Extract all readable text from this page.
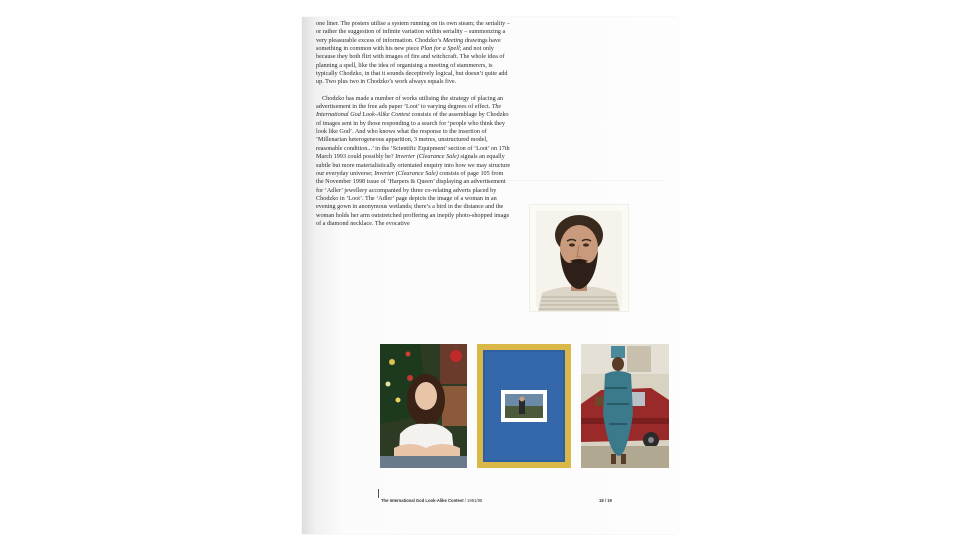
one liner. The posters utilise a system running on its own steam; the seriality – or rather the suggestion of infinite variation within seriality – summonzing a very pleasurable excess of information. Chodzko’s Meeting drawings have something in common with his new piece Plan for a Spell; and not only because they both flirt with images of fire and witchcraft. The whole idea of planning a spell, like the idea of organising a meeting of stammerers, is typically Chodzko, in that it sounds deceptively logical, but doesn’t quite add up. Two plus two in Chodzko’s work always equals five.

Chodzko has made a number of works utilising the strategy of placing an advertisement in the free ads paper ‘Loot’ to varying degrees of effect. The International God Look-Alike Contest consists of the assemblage by Chodzko of images sent in by those responding to a search for ‘people who think they look like God’. And who knows what the response to the insertion of ‘Millenarian heterogeneous apparition, 3 metres, unstructured model, reasonable condition...’ in the ‘Scientific Equipment’ section of ‘Loot’ on 17th March 1993 could possibly be? Inverter (Clearance Sale) signals an equally subtle but more materialistically orientated enquiry into how we may structure our everyday universe; Inverter (Clearance Sale) consists of page 105 from the November 1998 issue of ‘Harpers & Queen’ displaying an advertisement for ‘Adler’ jewellery accompanied by three co-relating adverts placed by Chodzko in ‘Loot’. The ‘Adler’ page depicts the image of a woman in an evening gown in anonymous wetlands; there’s a bird in the distance and the woman holds her arm outstretched proffering an ineptly photo-shopped image of a diamond necklace. The evocative

The International God Look-Alike Contest / 1991/95	18 / 19
